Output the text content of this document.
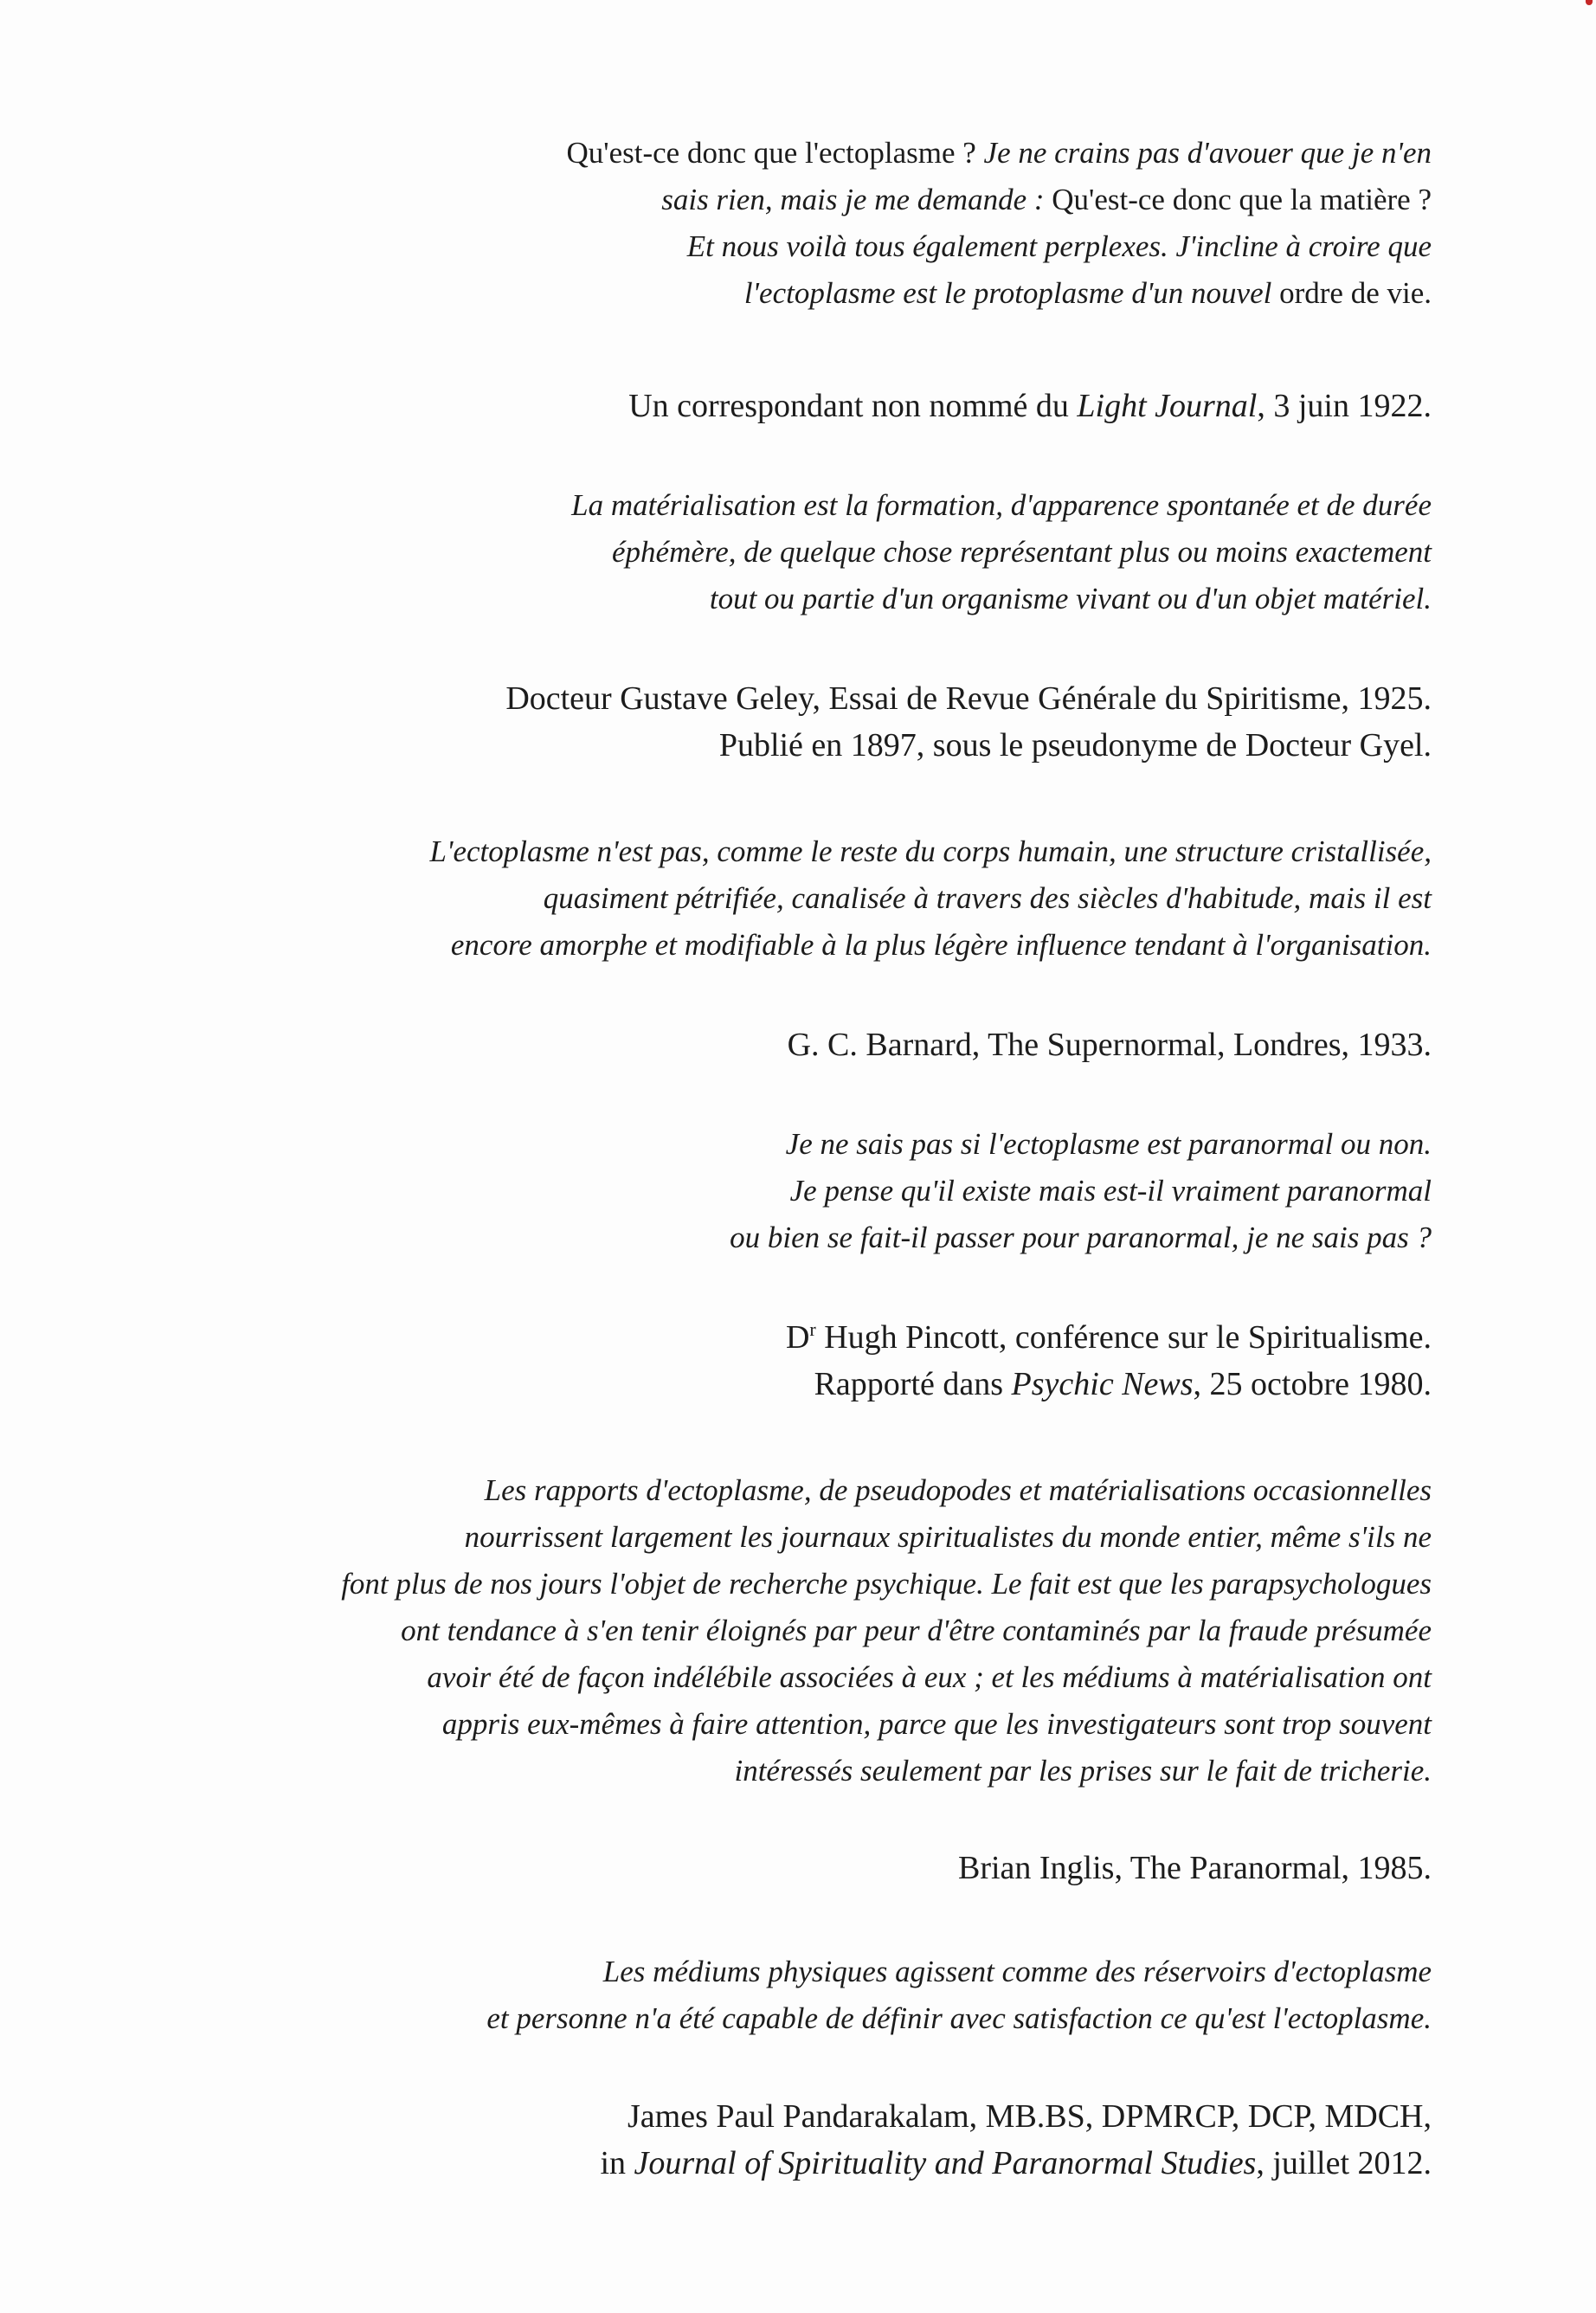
Qu'est-ce donc que l'ectoplasme ? Je ne crains pas d'avouer que je n'en
sais rien, mais je me demande : Qu'est-ce donc que la matière ?
Et nous voilà tous également perplexes. J'incline à croire que
l'ectoplasme est le protoplasme d'un nouvel ordre de vie.
Un correspondant non nommé du Light Journal, 3 juin 1922.
La matérialisation est la formation, d'apparence spontanée et de durée
éphémère, de quelque chose représentant plus ou moins exactement
tout ou partie d'un organisme vivant ou d'un objet matériel.
Docteur Gustave Geley, Essai de Revue Générale du Spiritisme, 1925.
Publié en 1897, sous le pseudonyme de Docteur Gyel.
L'ectoplasme n'est pas, comme le reste du corps humain, une structure cristallisée,
quasiment pétrifiée, canalisée à travers des siècles d'habitude, mais il est
encore amorphe et modifiable à la plus légère influence tendant à l'organisation.
G. C. Barnard, The Supernormal, Londres, 1933.
Je ne sais pas si l'ectoplasme est paranormal ou non.
Je pense qu'il existe mais est-il vraiment paranormal
ou bien se fait-il passer pour paranormal, je ne sais pas ?
$D^r$ Hugh Pincott, conférence sur le Spiritualisme.
Rapporté dans Psychic News, 25 octobre 1980.
Les rapports d'ectoplasme, de pseudopodes et matérialisations occasionnelles
nourrissent largement les journaux spiritualistes du monde entier, même s'ils ne
font plus de nos jours l'objet de recherche psychique. Le fait est que les parapsychologues
ont tendance à s'en tenir éloignés par peur d'être contaminés par la fraude présumée
avoir été de façon indélébile associées à eux ; et les médiums à matérialisation ont
appris eux-mêmes à faire attention, parce que les investigateurs sont trop souvent
intéressés seulement par les prises sur le fait de tricherie.
Brian Inglis, The Paranormal, 1985.
Les médiums physiques agissent comme des réservoirs d'ectoplasme
et personne n'a été capable de définir avec satisfaction ce qu'est l'ectoplasme.
James Paul Pandarakalam, MB.BS, DPMRCP, DCP, MDCH,
in Journal of Spirituality and Paranormal Studies, juillet 2012.
